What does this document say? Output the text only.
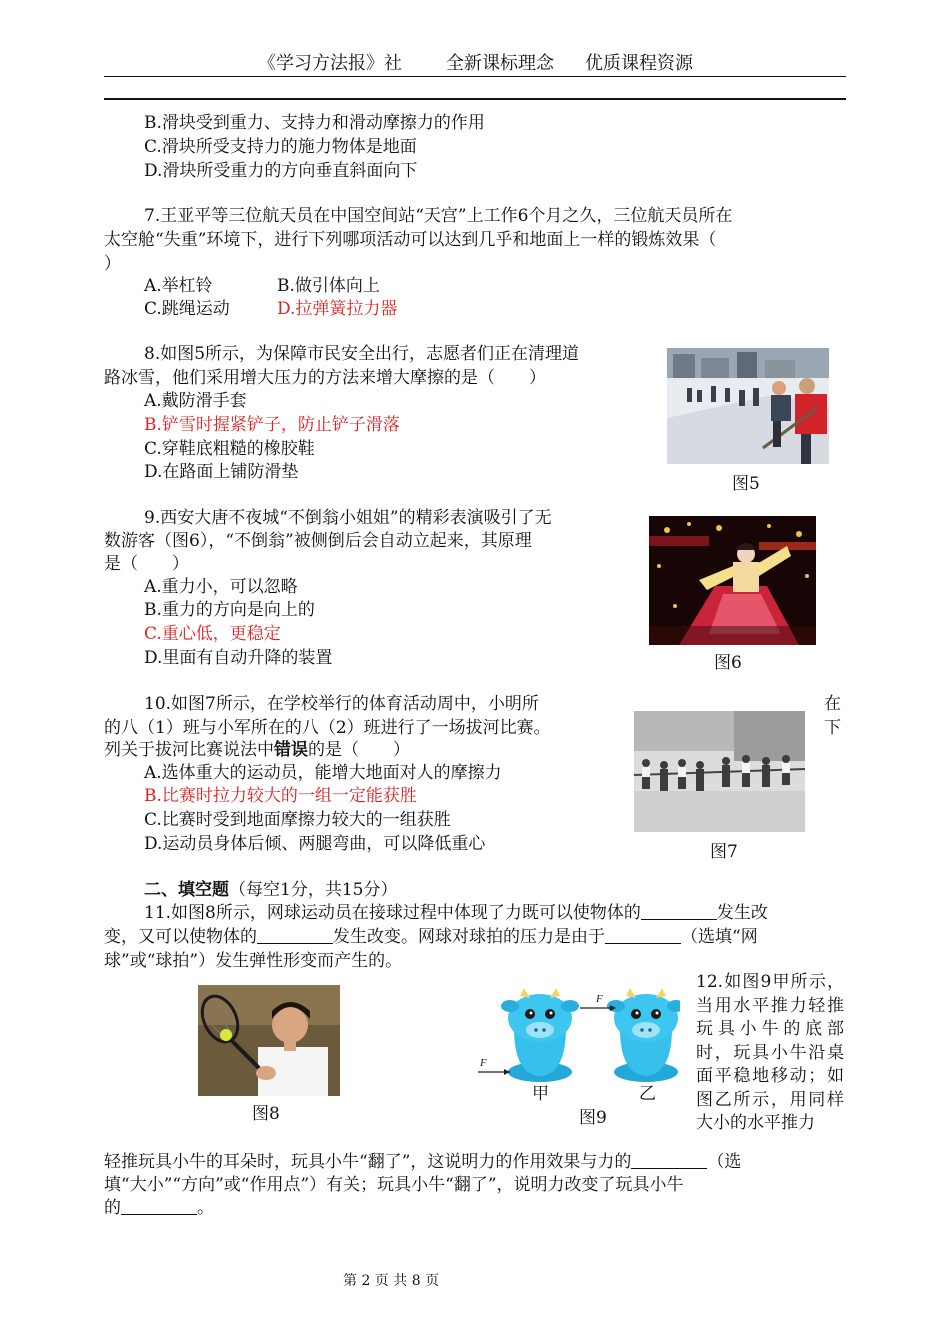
《学习方法报》社 全新课标理念 优质课程资源
B.滑块受到重力、支持力和滑动摩擦力的作用
C.滑块所受支持力的施力物体是地面
D.滑块所受重力的方向垂直斜面向下
7.王亚平等三位航天员在中国空间站“天宫”上工作6个月之久，三位航天员所在
太空舱“失重”环境下，进行下列哪项活动可以达到几乎和地面上一样的锻炼效果（
）
A.举杠铃	B.做引体向上
C.跳绳运动	D.拉弹簧拉力器
8.如图5所示，为保障市民安全出行，志愿者们正在清理道
路冰雪，他们采用增大压力的方法来增大摩擦的是（　　）
A.戴防滑手套
B.铲雪时握紧铲子，防止铲子滑落
C.穿鞋底粗糙的橡胶鞋
D.在路面上铺防滑垫
图5
9.西安大唐不夜城“不倒翁小姐姐”的精彩表演吸引了无
数游客（图6），“不倒翁”被侧倒后会自动立起来，其原理
是（　　）
A.重力小，可以忽略
B.重力的方向是向上的
C.重心低，更稳定
D.里面有自动升降的装置	图6
10.如图7所示，在学校举行的体育活动周中，小明所	在
的八（1）班与小军所在的八（2）班进行了一场拔河比赛。	下
列关于拔河比赛说法中错误的是（　　）
A.选体重大的运动员，能增大地面对人的摩擦力
B.比赛时拉力较大的一组一定能获胜
C.比赛时受到地面摩擦力较大的一组获胜
D.运动员身体后倾、两腿弯曲，可以降低重心	图7
二、填空题（每空1分，共15分）
11.如图8所示，网球运动员在接球过程中体现了力既可以使物体的	发生改
变，又可以使物体的	发生改变。网球对球拍的压力是由于	（选填“网
球”或“球拍”）发生弹性形变而产生的。
图8
12.如图9甲所示，当用水平推力轻推玩具小牛的底部时，玩具小牛沿桌面平稳地移动；如图乙所示，用同样大小的水平推力
F
F
甲	乙
图9
轻推玩具小牛的耳朵时，玩具小牛“翻了”，这说明力的作用效果与力的	（选
填“大小”“方向”或“作用点”）有关；玩具小牛“翻了”，说明力改变了玩具小牛
的	。
第 2 页 共 8 页
